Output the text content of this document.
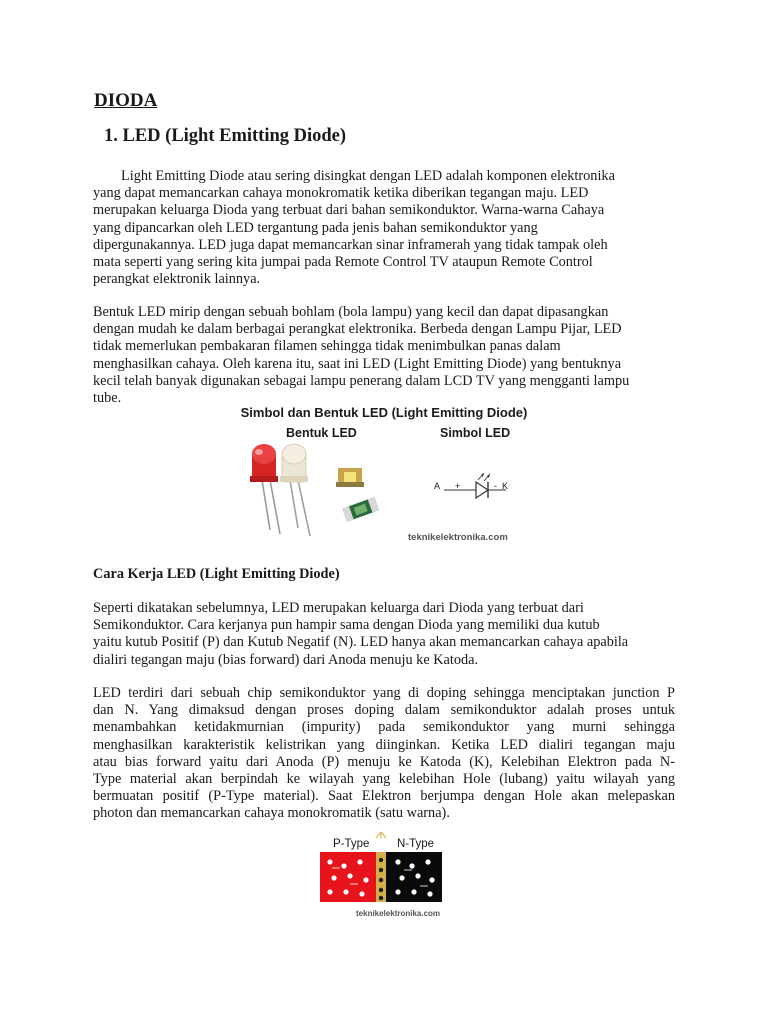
DIODA
1. LED (Light Emitting Diode)
Light Emitting Diode atau sering disingkat dengan LED adalah komponen elektronika
yang dapat memancarkan cahaya monokromatik ketika diberikan tegangan maju. LED
merupakan keluarga Dioda yang terbuat dari bahan semikonduktor. Warna-warna Cahaya
yang dipancarkan oleh LED tergantung pada jenis bahan semikonduktor yang
dipergunakannya. LED juga dapat memancarkan sinar inframerah yang tidak tampak oleh
mata seperti yang sering kita jumpai pada Remote Control TV ataupun Remote Control
perangkat elektronik lainnya.
Bentuk LED mirip dengan sebuah bohlam (bola lampu) yang kecil dan dapat dipasangkan
dengan mudah ke dalam berbagai perangkat elektronika. Berbeda dengan Lampu Pijar, LED
tidak memerlukan pembakaran filamen sehingga tidak menimbulkan panas dalam
menghasilkan cahaya. Oleh karena itu, saat ini LED (Light Emitting Diode) yang bentuknya
kecil telah banyak digunakan sebagai lampu penerang dalam LCD TV yang mengganti lampu
tube.

Simbol dan Bentuk LED (Light Emitting Diode)

Bentuk LED	Simbol LED
A +	- K
teknikelektronika.com
Cara Kerja LED (Light Emitting Diode)
Seperti dikatakan sebelumnya, LED merupakan keluarga dari Dioda yang terbuat dari
Semikonduktor. Cara kerjanya pun hampir sama dengan Dioda yang memiliki dua kutub
yaitu kutub Positif (P) dan Kutub Negatif (N). LED hanya akan memancarkan cahaya apabila
dialiri tegangan maju (bias forward) dari Anoda menuju ke Katoda.
LED terdiri dari sebuah chip semikonduktor yang di doping sehingga menciptakan junction P
dan N. Yang dimaksud dengan proses doping dalam semikonduktor adalah proses untuk
menambahkan ketidakmurnian (impurity) pada semikonduktor yang murni sehingga
menghasilkan karakteristik kelistrikan yang diinginkan. Ketika LED dialiri tegangan maju
atau bias forward yaitu dari Anoda (P) menuju ke Katoda (K), Kelebihan Elektron pada N-
Type material akan berpindah ke wilayah yang kelebihan Hole (lubang) yaitu wilayah yang
bermuatan positif (P-Type material). Saat Elektron berjumpa dengan Hole akan melepaskan
photon dan memancarkan cahaya monokromatik (satu warna).
P-Type N-Type
teknikelektronika.com
